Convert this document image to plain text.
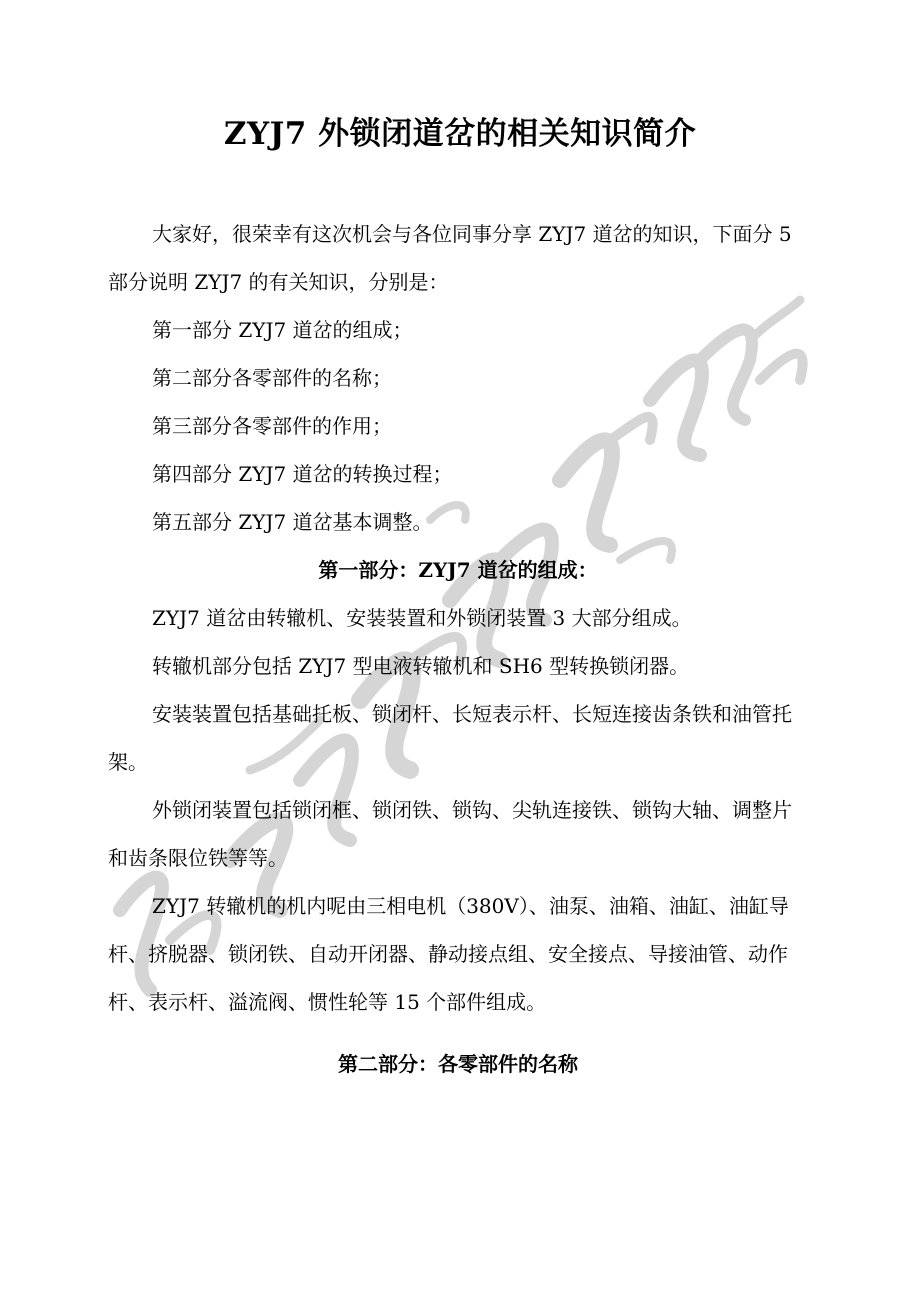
ZYJ7 外锁闭道岔的相关知识简介

大家好，很荣幸有这次机会与各位同事分享 ZYJ7 道岔的知识，下面分 5 部分说明 ZYJ7 的有关知识，分别是：

第一部分 ZYJ7 道岔的组成；

第二部分各零部件的名称；

第三部分各零部件的作用；

第四部分 ZYJ7 道岔的转换过程；

第五部分 ZYJ7 道岔基本调整。

第一部分：ZYJ7 道岔的组成：

ZYJ7 道岔由转辙机、安装装置和外锁闭装置 3 大部分组成。

转辙机部分包括 ZYJ7 型电液转辙机和 SH6 型转换锁闭器。

安装装置包括基础托板、锁闭杆、长短表示杆、长短连接齿条铁和油管托架。

外锁闭装置包括锁闭框、锁闭铁、锁钩、尖轨连接铁、锁钩大轴、调整片和齿条限位铁等等。

ZYJ7 转辙机的机内呢由三相电机（380V）、油泵、油箱、油缸、油缸导杆、挤脱器、锁闭铁、自动开闭器、静动接点组、安全接点、导接油管、动作杆、表示杆、溢流阀、惯性轮等 15 个部件组成。

第二部分：各零部件的名称
